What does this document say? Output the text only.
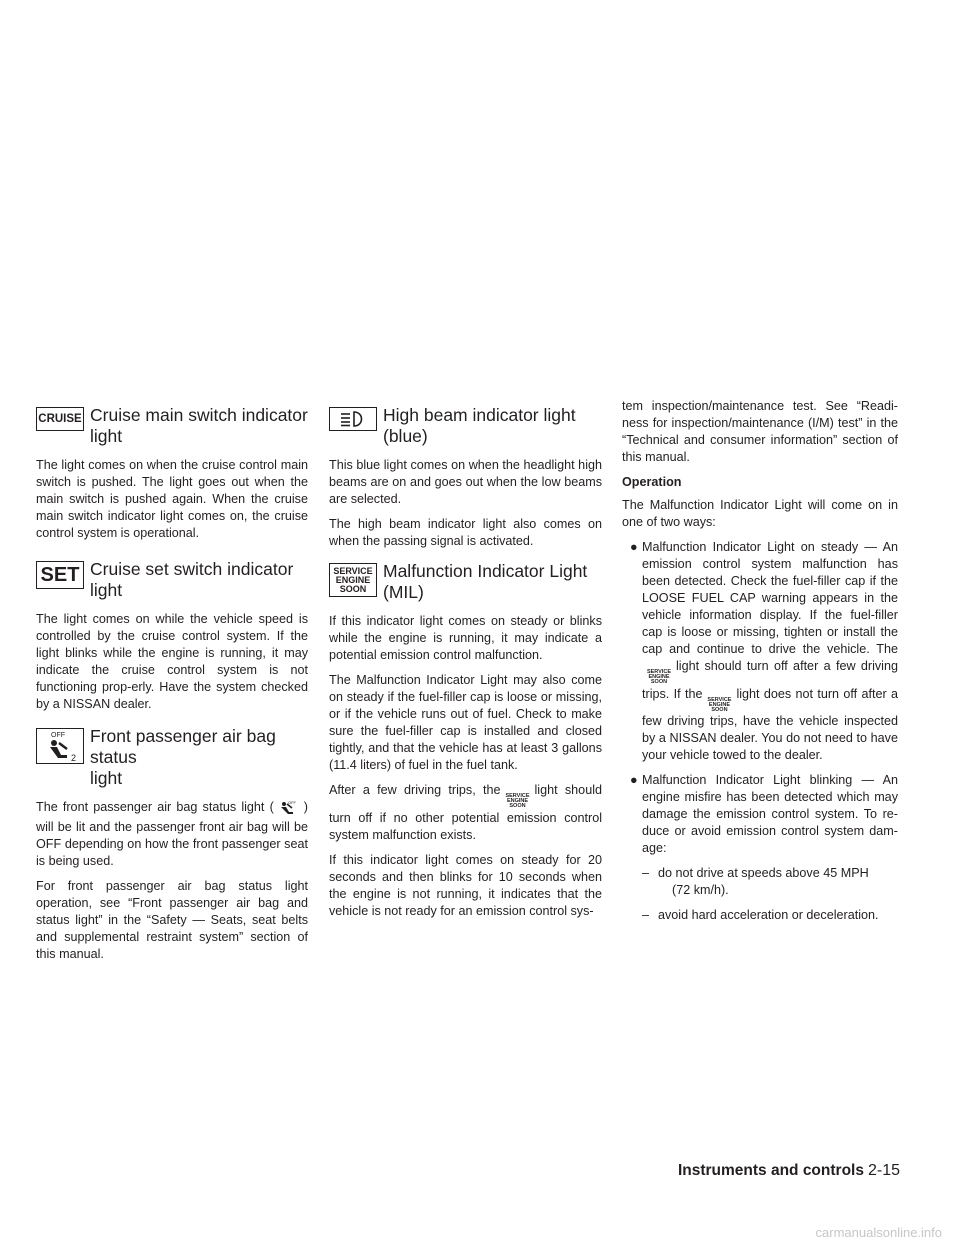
CRUISE Cruise main switch indicator
light

The light comes on when the cruise control main switch is pushed. The light goes out when the main switch is pushed again. When the cruise main switch indicator light comes on, the cruise control system is operational.

SET Cruise set switch indicator
light

The light comes on while the vehicle speed is controlled by the cruise control system. If the light blinks while the engine is running, it may indicate the cruise control system is not functioning prop-erly. Have the system checked by a NISSAN dealer.

OFF
2
Front passenger air bag status
light

The front passenger air bag status light (	OFF ) will be lit and the passenger front air bag will be OFF depending on how the front passenger seat is being used.

For front passenger air bag status light operation, see “Front passenger air bag and status light” in the “Safety — Seats, seat belts and supplemental restraint system” section of this manual.

High beam indicator light
(blue)

This blue light comes on when the headlight high beams are on and goes out when the low beams are selected.

The high beam indicator light also comes on when the passing signal is activated.

SERVICE
ENGINE
SOON
Malfunction Indicator Light
(MIL)

If this indicator light comes on steady or blinks while the engine is running, it may indicate a potential emission control malfunction.

The Malfunction Indicator Light may also come on steady if the fuel-filler cap is loose or missing, or if the vehicle runs out of fuel. Check to make sure the fuel-filler cap is installed and closed tightly, and that the vehicle has at least 3 gallons (11.4 liters) of fuel in the fuel tank.

After a few driving trips, the SERVICE
ENGINE
SOON
light should turn off if no other potential emission control system malfunction exists.

If this indicator light comes on steady for 20 seconds and then blinks for 10 seconds when the engine is not running, it indicates that the vehicle is not ready for an emission control sys-

tem inspection/maintenance test. See “Readi-ness for inspection/maintenance (I/M) test” in the “Technical and consumer information” section of this manual.

Operation

The Malfunction Indicator Light will come on in one of two ways:

● Malfunction Indicator Light on steady — An emission control system malfunction has been detected. Check the fuel-filler cap if the LOOSE FUEL CAP warning appears in the vehicle information display. If the fuel-filler cap is loose or missing, tighten or install the cap and continue to drive the vehicle. The
SERVICE
ENGINE
SOON
light should turn off after a few driving trips. If the SERVICE
ENGINE
SOON
light does not turn off after a few driving trips, have the vehicle inspected by a NISSAN dealer. You do not need to have your vehicle towed to the dealer.
● Malfunction Indicator Light blinking — An engine misfire has been detected which may damage the emission control system. To re-duce or avoid emission control system dam-age:
– do not drive at speeds above 45 MPH
(72 km/h).
– avoid hard acceleration or deceleration.
Instruments and controls 2-15
carmanualsonline.info
